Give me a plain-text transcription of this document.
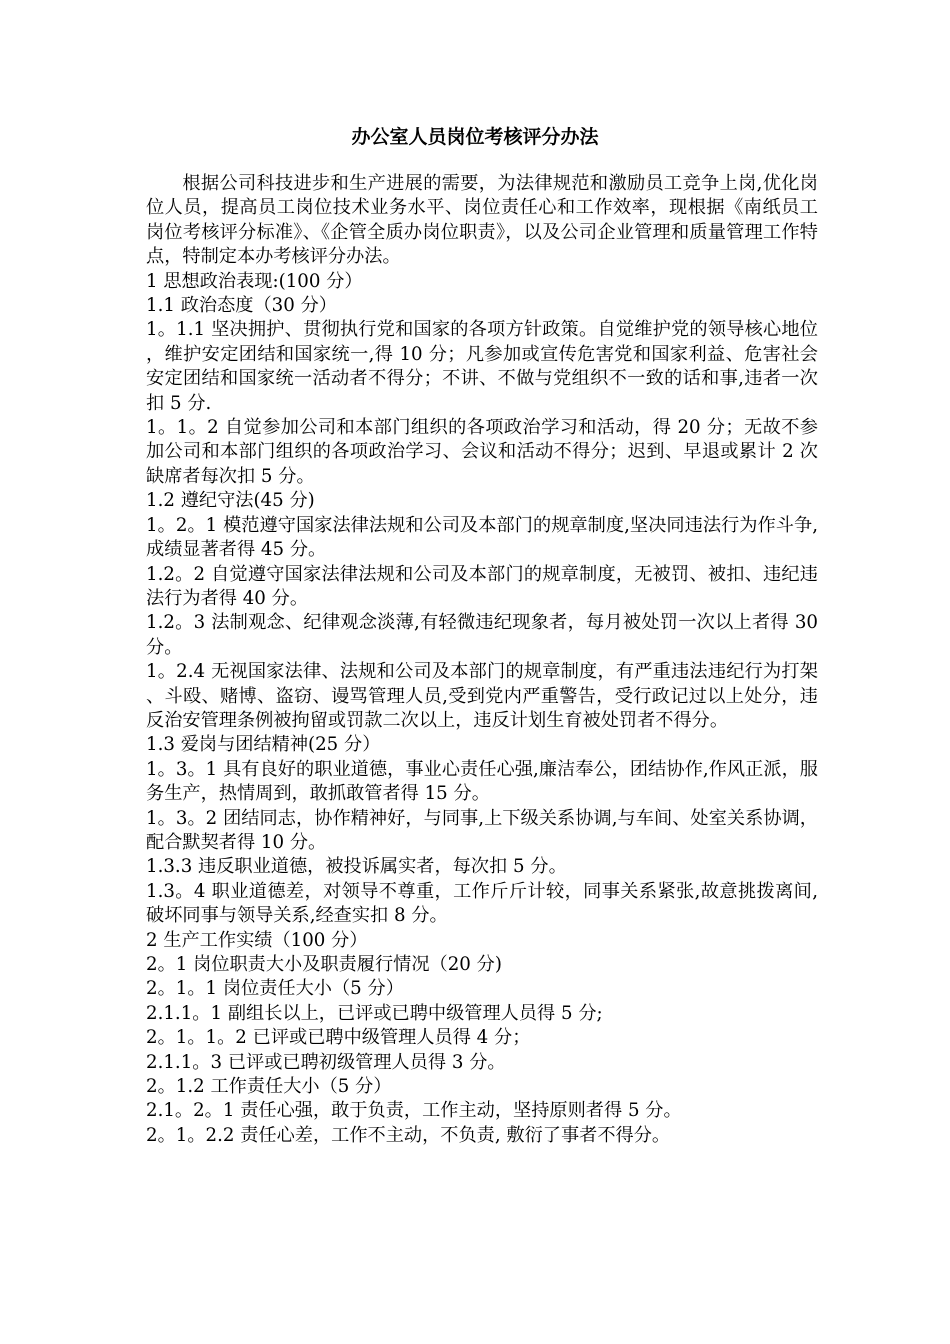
办公室人员岗位考核评分办法

根据公司科技进步和生产进展的需要，为法律规范和激励员工竞争上岗,优化岗位人员，提高员工岗位技术业务水平、岗位责任心和工作效率，现根据《南纸员工岗位考核评分标准》、《企管全质办岗位职责》，以及公司企业管理和质量管理工作特点，特制定本办考核评分办法。

1 思想政治表现:(100 分）

1.1 政治态度（30 分）

1。1.1 坚决拥护、贯彻执行党和国家的各项方针政策。自觉维护党的领导核心地位，维护安定团结和国家统一,得 10 分；凡参加或宣传危害党和国家利益、危害社会安定团结和国家统一活动者不得分；不讲、不做与党组织不一致的话和事,违者一次扣 5 分.

1。1。2 自觉参加公司和本部门组织的各项政治学习和活动，得 20 分；无故不参加公司和本部门组织的各项政治学习、会议和活动不得分；迟到、早退或累计 2 次缺席者每次扣 5 分。

1.2 遵纪守法(45 分)

1。2。1 模范遵守国家法律法规和公司及本部门的规章制度,坚决同违法行为作斗争,成绩显著者得 45 分。

1.2。2 自觉遵守国家法律法规和公司及本部门的规章制度，无被罚、被扣、违纪违法行为者得 40 分。

1.2。3 法制观念、纪律观念淡薄,有轻微违纪现象者，每月被处罚一次以上者得 30 分。

1。2.4 无视国家法律、法规和公司及本部门的规章制度，有严重违法违纪行为打架、斗殴、赌博、盗窃、谩骂管理人员,受到党内严重警告，受行政记过以上处分，违反治安管理条例被拘留或罚款二次以上，违反计划生育被处罚者不得分。

1.3 爱岗与团结精神(25 分）

1。3。1 具有良好的职业道德，事业心责任心强,廉洁奉公，团结协作,作风正派，服务生产，热情周到，敢抓敢管者得 15 分。

1。3。2 团结同志，协作精神好，与同事,上下级关系协调,与车间、处室关系协调，配合默契者得 10 分。

1.3.3 违反职业道德，被投诉属实者，每次扣 5 分。

1.3。4 职业道德差，对领导不尊重，工作斤斤计较，同事关系紧张,故意挑拨离间,破坏同事与领导关系,经查实扣 8 分。

2 生产工作实绩（100 分）

2。1 岗位职责大小及职责履行情况（20 分)

2。1。1 岗位责任大小（5 分）

2.1.1。1 副组长以上，已评或已聘中级管理人员得 5 分;

2。1。1。2 已评或已聘中级管理人员得 4 分；

2.1.1。3 已评或已聘初级管理人员得 3 分。

2。1.2 工作责任大小（5 分）

2.1。2。1 责任心强，敢于负责，工作主动，坚持原则者得 5 分。

2。1。2.2 责任心差，工作不主动，不负责, 敷衍了事者不得分。
